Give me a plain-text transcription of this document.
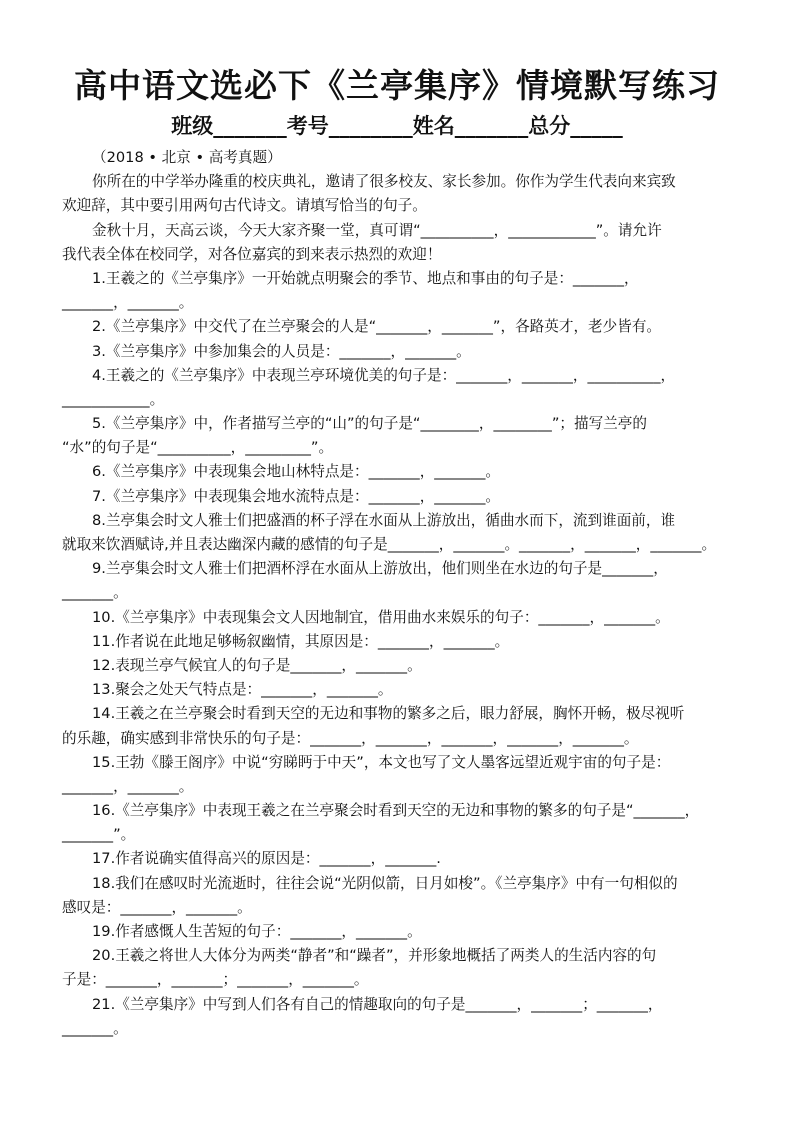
高中语文选必下《兰亭集序》情境默写练习
班级_______考号________姓名_______总分_____
（2018 • 北京 • 高考真题）
你所在的中学举办隆重的校庆典礼，邀请了很多校友、家长参加。你作为学生代表向来宾致
欢迎辞，其中要引用两句古代诗文。请填写恰当的句子。
金秋十月，天高云谈，今天大家齐聚一堂，真可谓“__________，____________”。请允许
我代表全体在校同学，对各位嘉宾的到来表示热烈的欢迎！
1.王羲之的《兰亭集序》一开始就点明聚会的季节、地点和事由的句子是：_______，
_______，_______。
2.《兰亭集序》中交代了在兰亭聚会的人是“_______，_______”，各路英才，老少皆有。
3.《兰亭集序》中参加集会的人员是：_______，_______。
4.王羲之的《兰亭集序》中表现兰亭环境优美的句子是：_______，_______，__________，
____________。
5.《兰亭集序》中，作者描写兰亭的“山”的句子是“________，________”；描写兰亭的
“水”的句子是“__________，_________”。
6.《兰亭集序》中表现集会地山林特点是：_______，_______。
7.《兰亭集序》中表现集会地水流特点是：_______，_______。
8.兰亭集会时文人雅士们把盛酒的杯子浮在水面从上游放出，循曲水而下，流到谁面前，谁
就取来饮酒赋诗,并且表达幽深内藏的感情的句子是_______，_______。_______，_______，_______。
9.兰亭集会时文人雅士们把酒杯浮在水面从上游放出，他们则坐在水边的句子是_______，
_______。
10.《兰亭集序》中表现集会文人因地制宜，借用曲水来娱乐的句子：_______，_______。
11.作者说在此地足够畅叙幽情，其原因是：_______，_______。
12.表现兰亭气候宜人的句子是_______，_______。
13.聚会之处天气特点是：_______，_______。
14.王羲之在兰亭聚会时看到天空的无边和事物的繁多之后，眼力舒展，胸怀开畅，极尽视听
的乐趣，确实感到非常快乐的句子是：_______，_______，_______，_______，_______。
15.王勃《滕王阁序》中说“穷睇眄于中天”，本文也写了文人墨客远望近观宇宙的句子是：
_______，_______。
16.《兰亭集序》中表现王羲之在兰亭聚会时看到天空的无边和事物的繁多的句子是“_______，
_______”。
17.作者说确实值得高兴的原因是：_______，_______.
18.我们在感叹时光流逝时，往往会说“光阴似箭，日月如梭”。《兰亭集序》中有一句相似的
感叹是：_______，_______。
19.作者感慨人生苦短的句子：_______，_______。
20.王羲之将世人大体分为两类“静者”和“躁者”，并形象地概括了两类人的生活内容的句
子是：_______，_______；_______，_______。
21.《兰亭集序》中写到人们各有自己的情趣取向的句子是_______，_______；_______，
_______。
